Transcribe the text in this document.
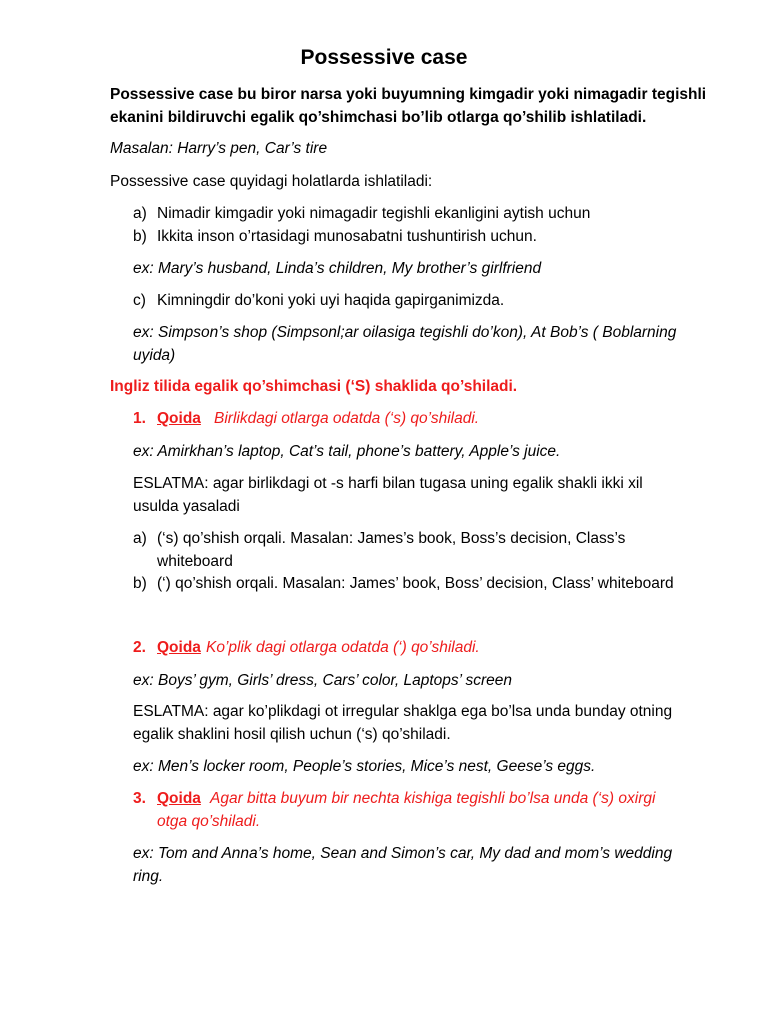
Possessive case
Possessive case bu biror narsa yoki buyumning kimgadir yoki nimagadir tegishli
ekanini bildiruvchi egalik qo’shimchasi bo’lib otlarga qo’shilib ishlatiladi.
Masalan: Harry’s pen, Car’s tire
Possessive case quyidagi holatlarda ishlatiladi:
a) Nimadir kimgadir yoki nimagadir tegishli ekanligini aytish uchun
b) Ikkita inson o’rtasidagi munosabatni tushuntirish uchun.
ex: Mary’s husband, Linda’s children, My brother’s girlfriend
c) Kimningdir do’koni yoki uyi haqida gapirganimizda.
ex: Simpson’s shop (Simpsonl;ar oilasiga tegishli do’kon), At Bob’s ( Boblarning
uyida)
Ingliz tilida egalik qo’shimchasi (‘S) shaklida qo’shiladi.
1. Qoida Birlikdagi otlarga odatda (‘s) qo’shiladi.
ex: Amirkhan’s laptop, Cat’s tail, phone’s battery, Apple’s juice.
ESLATMA: agar birlikdagi ot -s harfi bilan tugasa uning egalik shakli ikki xil
usulda yasaladi
a) (‘s) qo’shish orqali. Masalan: James’s book, Boss’s decision, Class’s
whiteboard
b) (‘) qo’shish orqali. Masalan: James’ book, Boss’ decision, Class’ whiteboard
2. Qoida Ko’plik dagi otlarga odatda (‘) qo’shiladi.
ex: Boys’ gym, Girls’ dress, Cars’ color, Laptops’ screen
ESLATMA: agar ko’plikdagi ot irregular shaklga ega bo’lsa unda bunday otning
egalik shaklini hosil qilish uchun (‘s) qo’shiladi.
ex: Men’s locker room, People’s stories, Mice’s nest, Geese’s eggs.
3. Qoida Agar bitta buyum bir nechta kishiga tegishli bo’lsa unda (‘s) oxirgi
otga qo’shiladi.
ex: Tom and Anna’s home, Sean and Simon’s car, My dad and mom’s wedding
ring.
